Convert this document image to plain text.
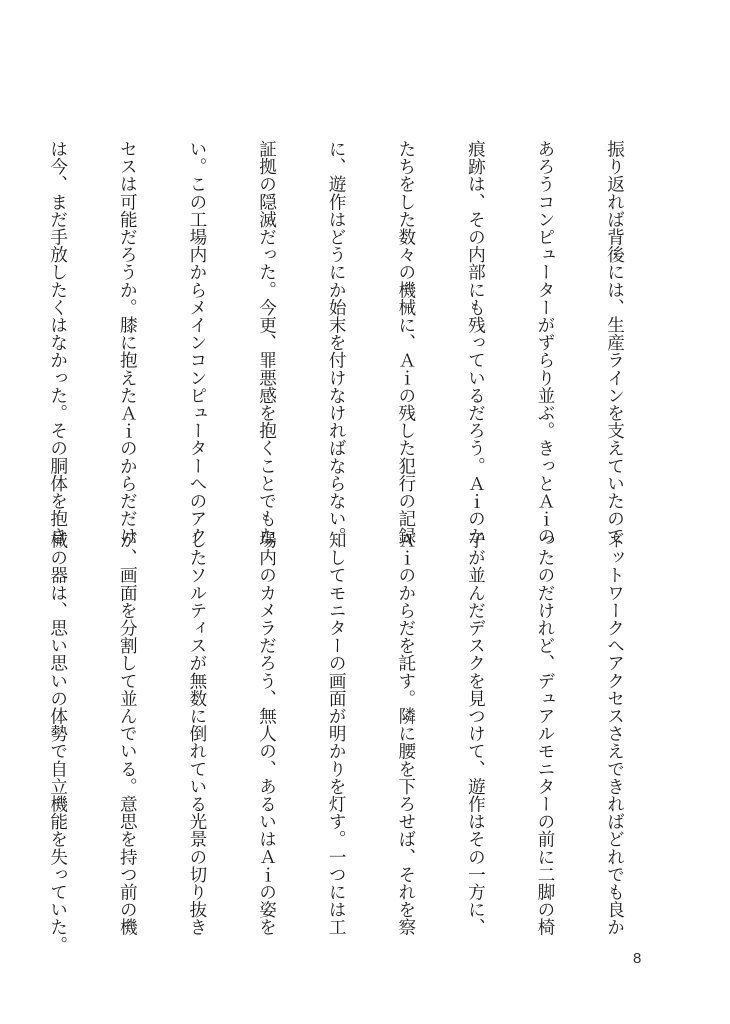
振り返れば背後には、生産ラインを支えていたので

あろうコンピューターがずらり並ぶ。きっとＡｉの

痕跡は、その内部にも残っているだろう。Ａｉのか

たちをした数々の機械に、Ａｉの残した犯行の記録

に、遊作はどうにか始末を付けなければならない。

証拠の隠滅だった。今更、罪悪感を抱くことでもな

い。この工場内からメインコンピューターへのアク

セスは可能だろうか。膝に抱えたＡｉのからだだけ

は今、まだ手放したくはなかった。その胴体を抱き

ネットワークへアクセスさえできればどれでも良か

ったのだけれど、デュアルモニターの前に二脚の椅

子が並んだデスクを見つけて、遊作はその一方に、

Ａｉのからだを託す。隣に腰を下ろせば、それを察

知してモニターの画面が明かりを灯す。一つには工

場内のカメラだろう、無人の、あるいはＡｉの姿を

したソルティスが無数に倒れている光景の切り抜き

が、画面を分割して並んでいる。意思を持つ前の機

械の器は、思い思いの体勢で自立機能を失っていた。

8
